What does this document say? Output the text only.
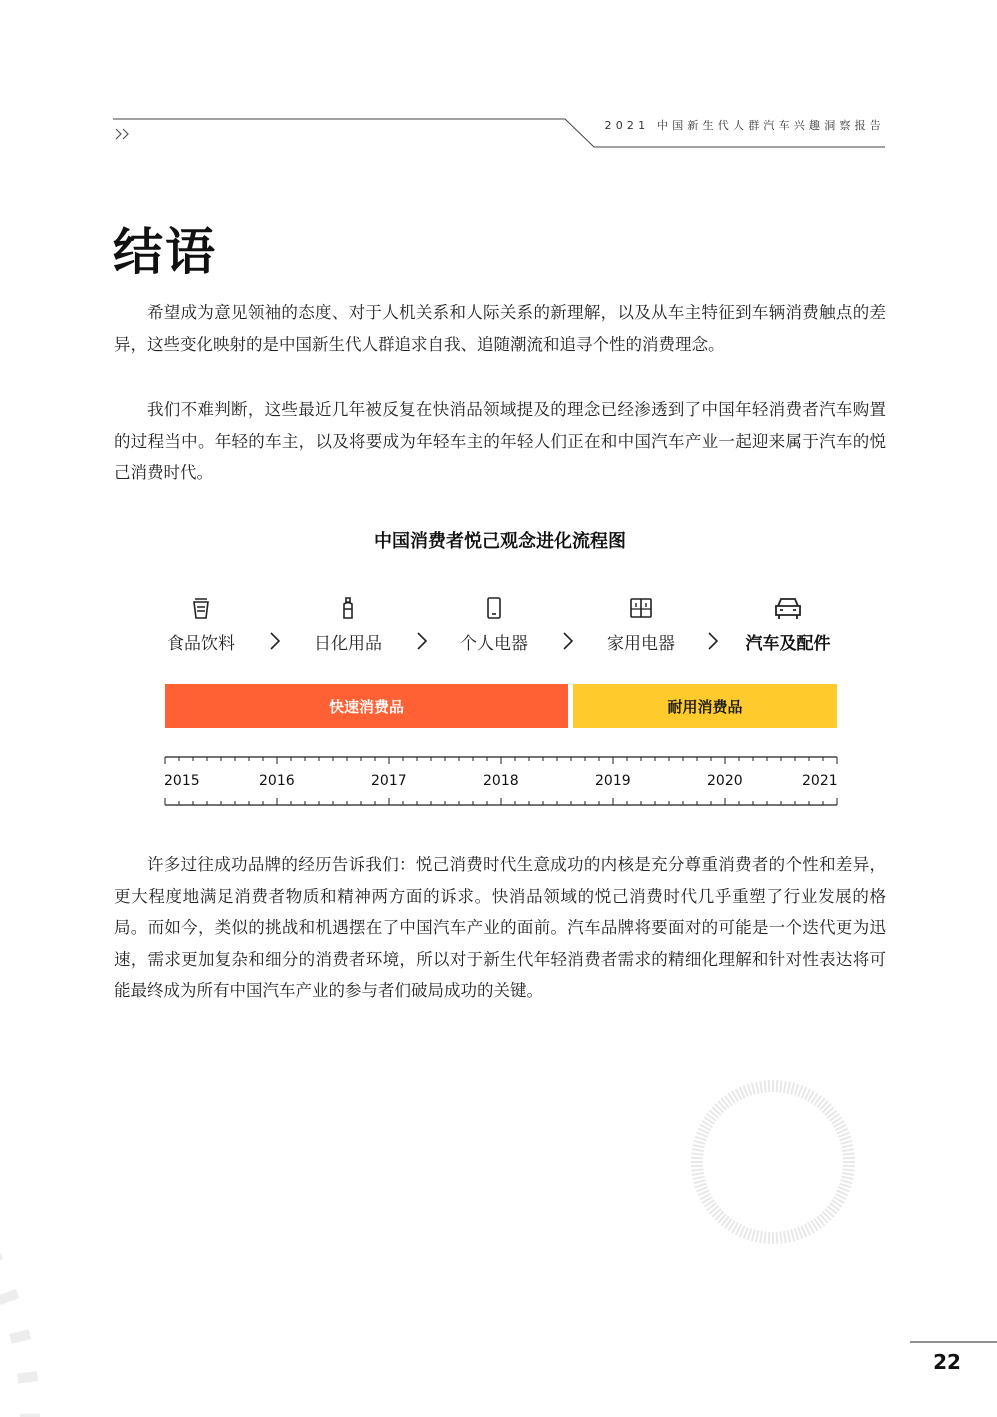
2021 中国新生代人群汽车兴趣洞察报告
结语

希望成为意见领袖的态度、对于人机关系和人际关系的新理解，以及从车主特征到车辆消费触点的差异，这些变化映射的是中国新生代人群追求自我、追随潮流和追寻个性的消费理念。

我们不难判断，这些最近几年被反复在快消品领域提及的理念已经渗透到了中国年轻消费者汽车购置的过程当中。年轻的车主，以及将要成为年轻车主的年轻人们正在和中国汽车产业一起迎来属于汽车的悦己消费时代。

中国消费者悦己观念进化流程图
食品饮料	日化用品	个人电器	家用电器	汽车及配件
快速消费品	耐用消费品
2015	2016	2017	2018	2019	2020	2021

许多过往成功品牌的经历告诉我们：悦己消费时代生意成功的内核是充分尊重消费者的个性和差异，更大程度地满足消费者物质和精神两方面的诉求。快消品领域的悦己消费时代几乎重塑了行业发展的格局。而如今，类似的挑战和机遇摆在了中国汽车产业的面前。汽车品牌将要面对的可能是一个迭代更为迅速，需求更加复杂和细分的消费者环境，所以对于新生代年轻消费者需求的精细化理解和针对性表达将可能最终成为所有中国汽车产业的参与者们破局成功的关键。

22
